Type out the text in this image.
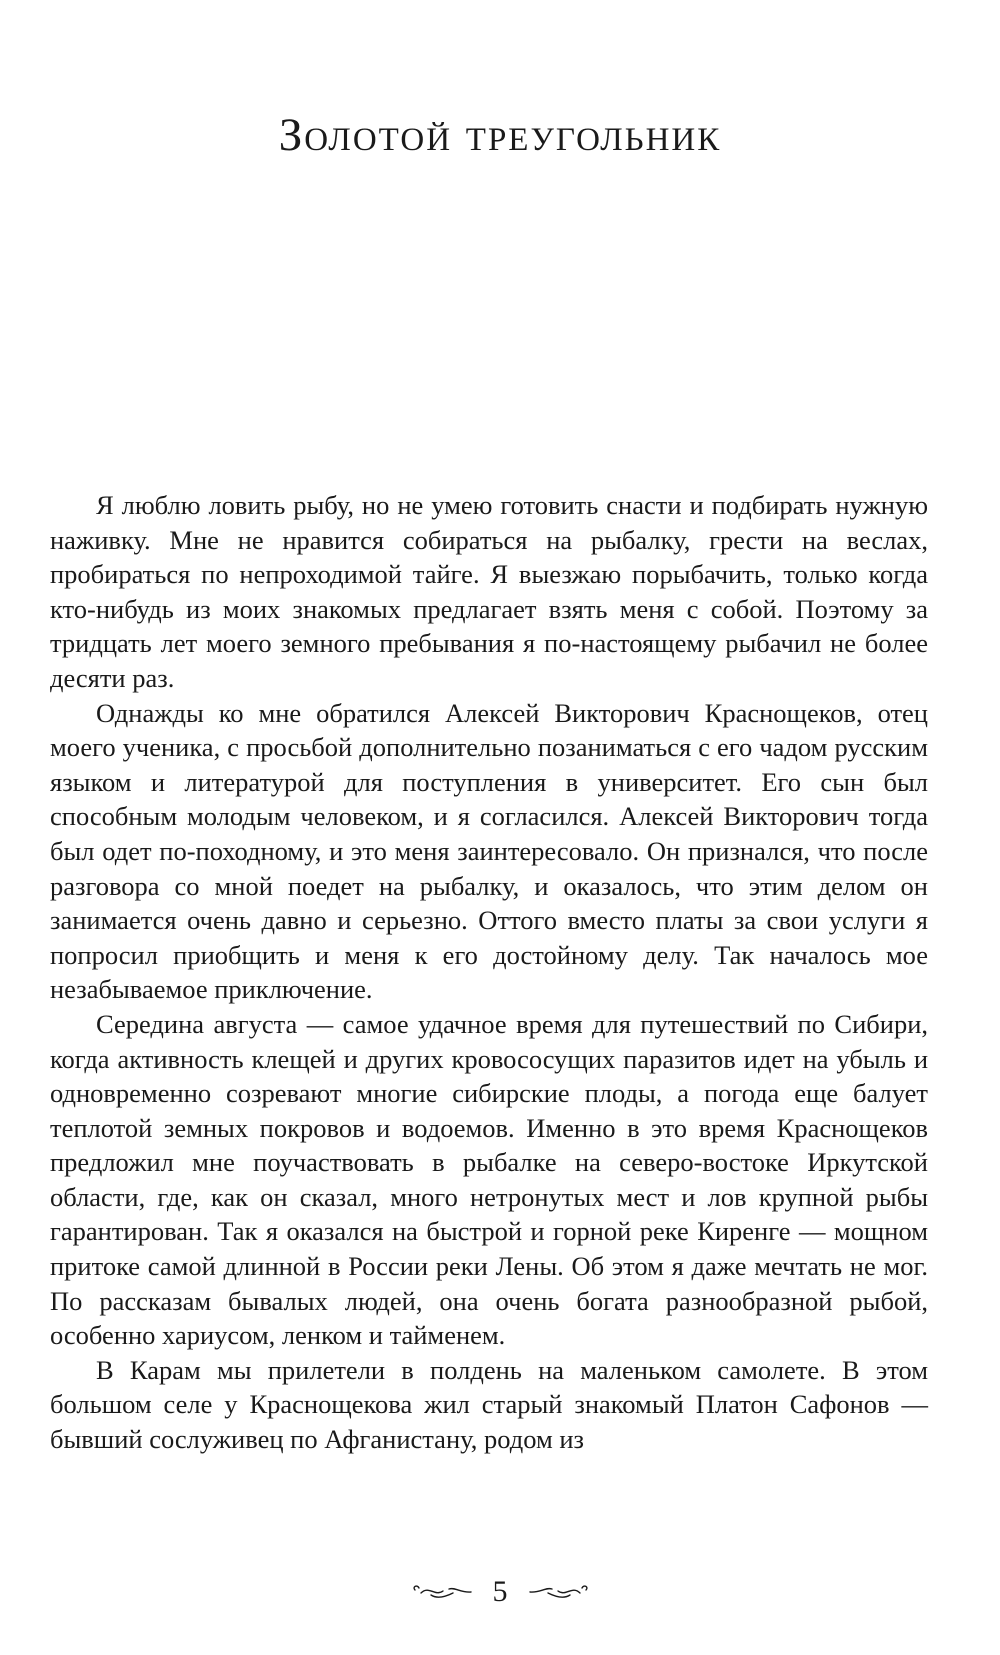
Золотой треугольник

Я люблю ловить рыбу, но не умею готовить снасти и подбирать нужную наживку. Мне не нравится собираться на рыбалку, грести на веслах, пробираться по непроходимой тайге. Я выезжаю порыбачить, только когда кто-нибудь из моих знакомых предлагает взять меня с собой. Поэтому за тридцать лет моего земного пребывания я по-настоящему рыбачил не более десяти раз.

Однажды ко мне обратился Алексей Викторович Краснощеков, отец моего ученика, с просьбой дополнительно позаниматься с его чадом русским языком и литературой для поступления в университет. Его сын был способным молодым человеком, и я согласился. Алексей Викторович тогда был одет по-походному, и это меня заинтересовало. Он признался, что после разговора со мной поедет на рыбалку, и оказалось, что этим делом он занимается очень давно и серьезно. Оттого вместо платы за свои услуги я попросил приобщить и меня к его достойному делу. Так началось мое незабываемое приключение.

Середина августа — самое удачное время для путешествий по Сибири, когда активность клещей и других кровососущих паразитов идет на убыль и одновременно созревают многие сибирские плоды, а погода еще балует теплотой земных покровов и водоемов. Именно в это время Краснощеков предложил мне поучаствовать в рыбалке на северо-востоке Иркутской области, где, как он сказал, много нетронутых мест и лов крупной рыбы гарантирован. Так я оказался на быстрой и горной реке Киренге — мощном притоке самой длинной в России реки Лены. Об этом я даже мечтать не мог. По рассказам бывалых людей, она очень богата разнообразной рыбой, особенно хариусом, ленком и тайменем.

В Карам мы прилетели в полдень на маленьком самолете. В этом большом селе у Краснощекова жил старый знакомый Платон Сафонов — бывший сослуживец по Афганистану, родом из

5
